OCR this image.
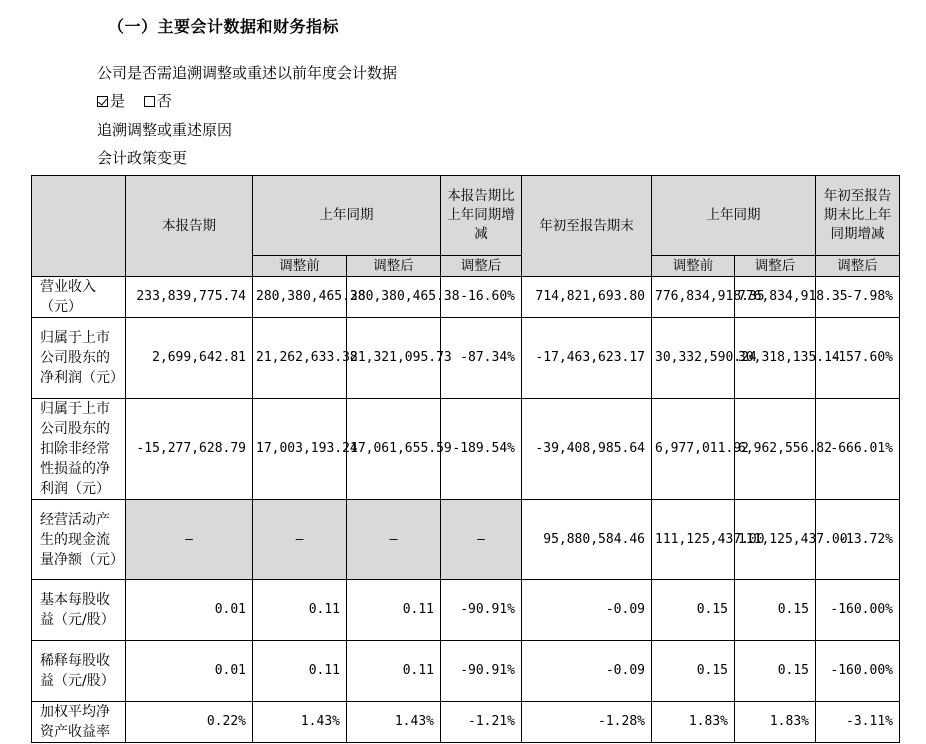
（一）主要会计数据和财务指标
公司是否需追溯调整或重述以前年度会计数据
是 否
追溯调整或重述原因
会计政策变更
	本报告期	上年同期		本报告期比上年同期增减	年初至报告期末	上年同期		年初至报告期末比上年同期增减
		调整前	调整后	调整后		调整前	调整后	调整后
营业收入（元）	233,839,775.74	280,380,465.38	280,380,465.38	-16.60%	714,821,693.80	776,834,918.35	776,834,918.35	-7.98%
归属于上市公司股东的净利润（元）	2,699,642.81	21,262,633.38	21,321,095.73	-87.34%	-17,463,623.17	30,332,590.24	30,318,135.14	-157.60%
归属于上市公司股东的扣除非经常性损益的净利润（元）	-15,277,628.79	17,003,193.24	17,061,655.59	-189.54%	-39,408,985.64	6,977,011.92	6,962,556.82	-666.01%
经营活动产生的现金流量净额（元）	—	—	—	—	95,880,584.46	111,125,437.00	111,125,437.00	-13.72%
基本每股收益（元/股）	0.01	0.11	0.11	-90.91%	-0.09	0.15	0.15	-160.00%
稀释每股收益（元/股）	0.01	0.11	0.11	-90.91%	-0.09	0.15	0.15	-160.00%
加权平均净资产收益率	0.22%	1.43%	1.43%	-1.21%	-1.28%	1.83%	1.83%	-3.11%
